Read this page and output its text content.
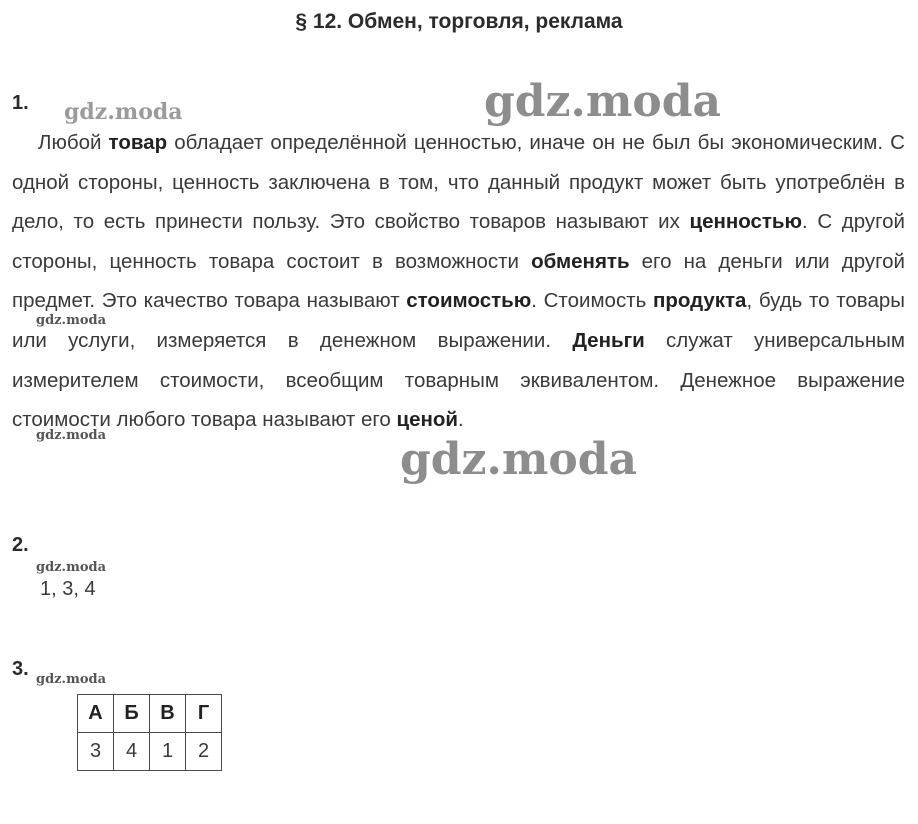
§ 12. Обмен, торговля, реклама
1.
Любой товар обладает определённой ценностью, иначе он не был бы экономическим. С одной стороны, ценность заключена в том, что данный продукт может быть употреблён в дело, то есть принести пользу. Это свойство товаров называют их ценностью. С другой стороны, ценность товара состоит в возможности обменять его на деньги или другой предмет. Это качество товара называют стоимостью. Стоимость продукта, будь то товары или услуги, измеряется в денежном выражении. Деньги служат универсальным измерителем стоимости, всеобщим товарным эквивалентом. Денежное выражение стоимости любого товара называют его ценой.
2.
1, 3, 4
3.
А	Б	В	Г
3	4	1	2
gdz.moda	gdz.moda
gdz.moda
gdz.moda	gdz.moda
gdz.moda
gdz.moda
